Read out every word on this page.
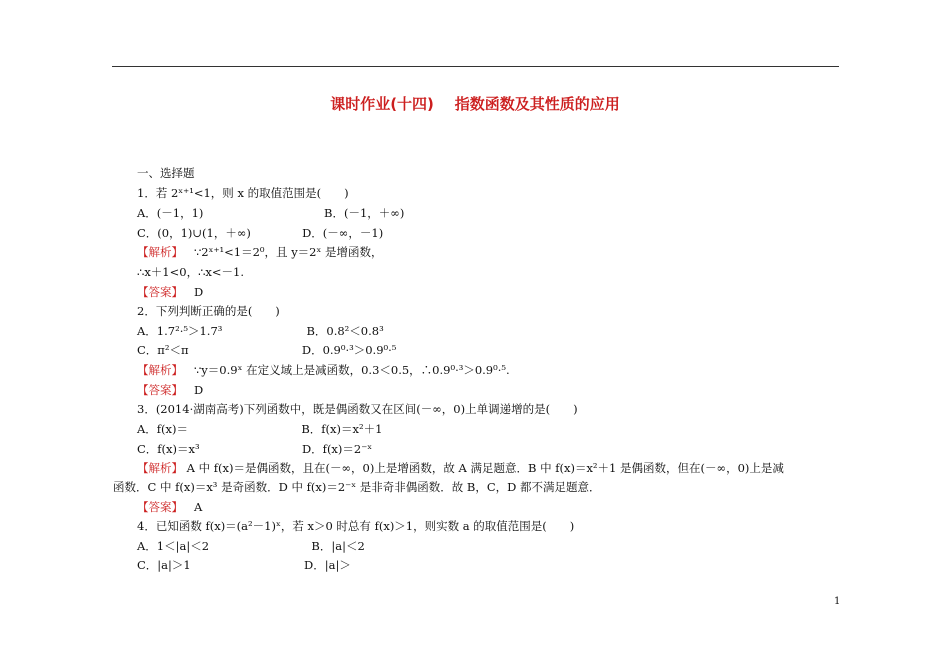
课时作业(十四)    指数函数及其性质的应用
一、选择题
1．若 2ˣ⁺¹<1，则 x 的取值范围是(　　)
A．(－1，1)                                 B．(－1，＋∞)
C．(0，1)∪(1，＋∞)              D．(－∞，－1)
【解析】   ∵2ˣ⁺¹<1＝2⁰，且 y＝2ˣ 是增函数，
∴x＋1<0，∴x<－1.
【答案】   D
2．下列判断正确的是(　　)
A．1.7²·⁵＞1.7³                       B．0.8²＜0.8³
C．π²＜π                               D．0.9⁰·³＞0.9⁰·⁵
【解析】   ∵y＝0.9ˣ 在定义域上是减函数，0.3＜0.5，∴0.9⁰·³＞0.9⁰·⁵.
【答案】   D
3．(2014·湖南高考)下列函数中，既是偶函数又在区间(－∞，0)上单调递增的是(　　)
A．f(x)＝                               B．f(x)＝x²＋1
C．f(x)＝x³                            D．f(x)＝2⁻ˣ
【解析】 A 中 f(x)＝是偶函数，且在(－∞，0)上是增函数，故 A 满足题意．B 中 f(x)＝x²＋1 是偶函数，但在(－∞，0)上是减
函数．C 中 f(x)＝x³ 是奇函数．D 中 f(x)＝2⁻ˣ 是非奇非偶函数．故 B，C，D 都不满足题意．
【答案】   A
4．已知函数 f(x)＝(a²－1)ˣ，若 x＞0 时总有 f(x)＞1，则实数 a 的取值范围是(　　)
A．1＜|a|＜2                            B．|a|＜2
C．|a|＞1                               D．|a|＞
1
